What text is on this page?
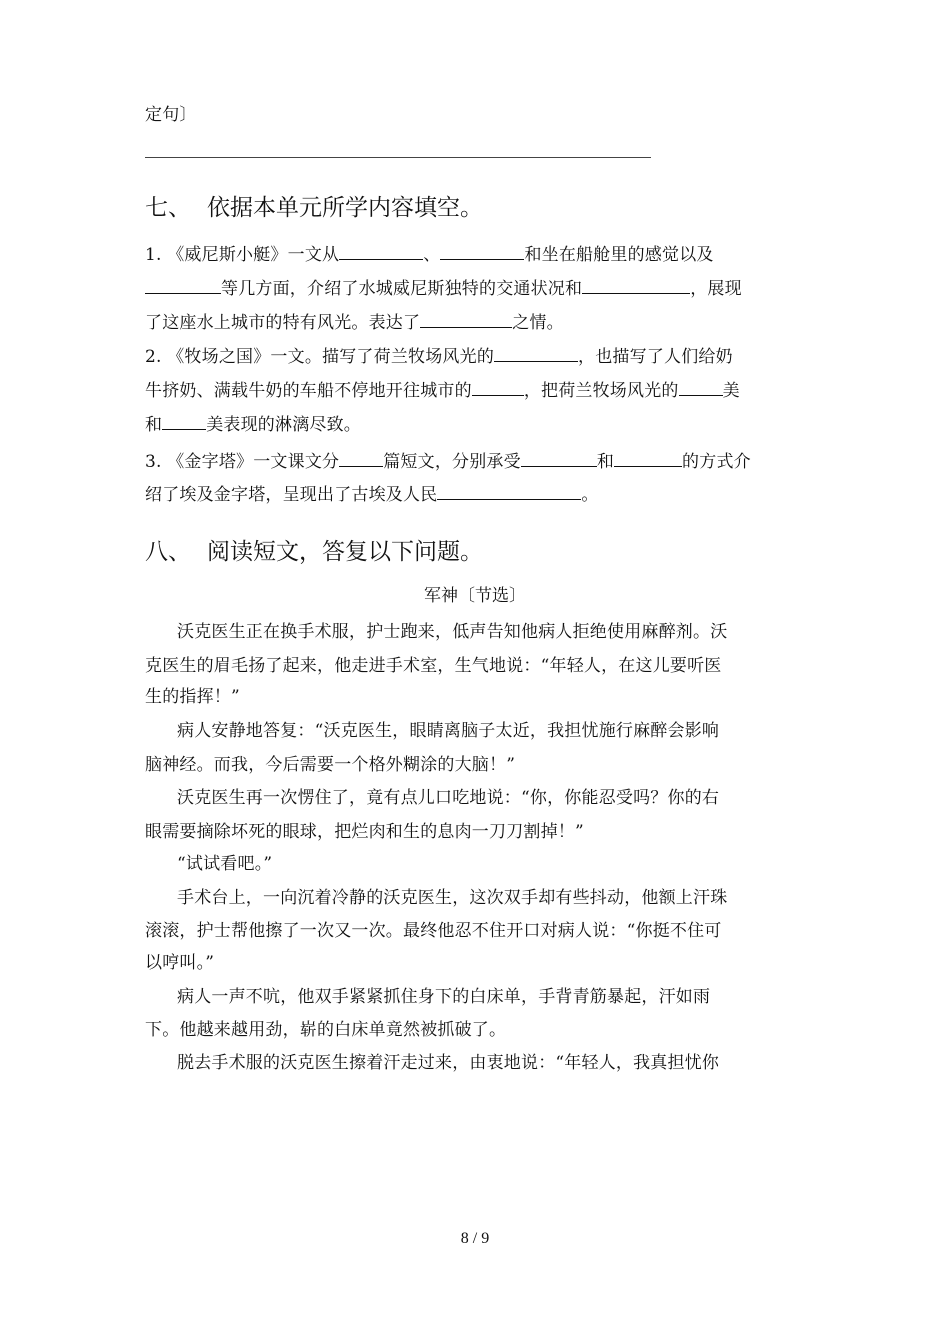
定句〕
七、 依据本单元所学内容填空。
1. 《威尼斯小艇》一文从	、	和坐在船舱里的感觉以及
等几方面，介绍了水城威尼斯独特的交通状况和	，展现
了这座水上城市的特有风光。表达了	之情。
2. 《牧场之国》一文。描写了荷兰牧场风光的	，也描写了人们给奶
牛挤奶、满载牛奶的车船不停地开往城市的	，把荷兰牧场风光的	美
和	美表现的淋漓尽致。
3. 《金字塔》一文课文分	篇短文，分别承受	和	的方式介
绍了埃及金字塔，呈现出了古埃及人民	。
八、 阅读短文，答复以下问题。
军神〔节选〕
沃克医生正在换手术服，护士跑来，低声告知他病人拒绝使用麻醉剂。沃
克医生的眉毛扬了起来，他走进手术室，生气地说：“年轻人，在这儿要听医
生的指挥！”
病人安静地答复：“沃克医生，眼睛离脑子太近，我担忧施行麻醉会影响
脑神经。而我，今后需要一个格外糊涂的大脑！”
沃克医生再一次愣住了，竟有点儿口吃地说：“你，你能忍受吗？你的右
眼需要摘除坏死的眼球，把烂肉和生的息肉一刀刀割掉！”
“试试看吧。”
手术台上，一向沉着冷静的沃克医生，这次双手却有些抖动，他额上汗珠
滚滚，护士帮他擦了一次又一次。最终他忍不住开口对病人说：“你挺不住可
以哼叫。”
病人一声不吭，他双手紧紧抓住身下的白床单，手背青筋暴起，汗如雨
下。他越来越用劲，崭的白床单竟然被抓破了。
脱去手术服的沃克医生擦着汗走过来，由衷地说：“年轻人，我真担忧你
8 / 9
